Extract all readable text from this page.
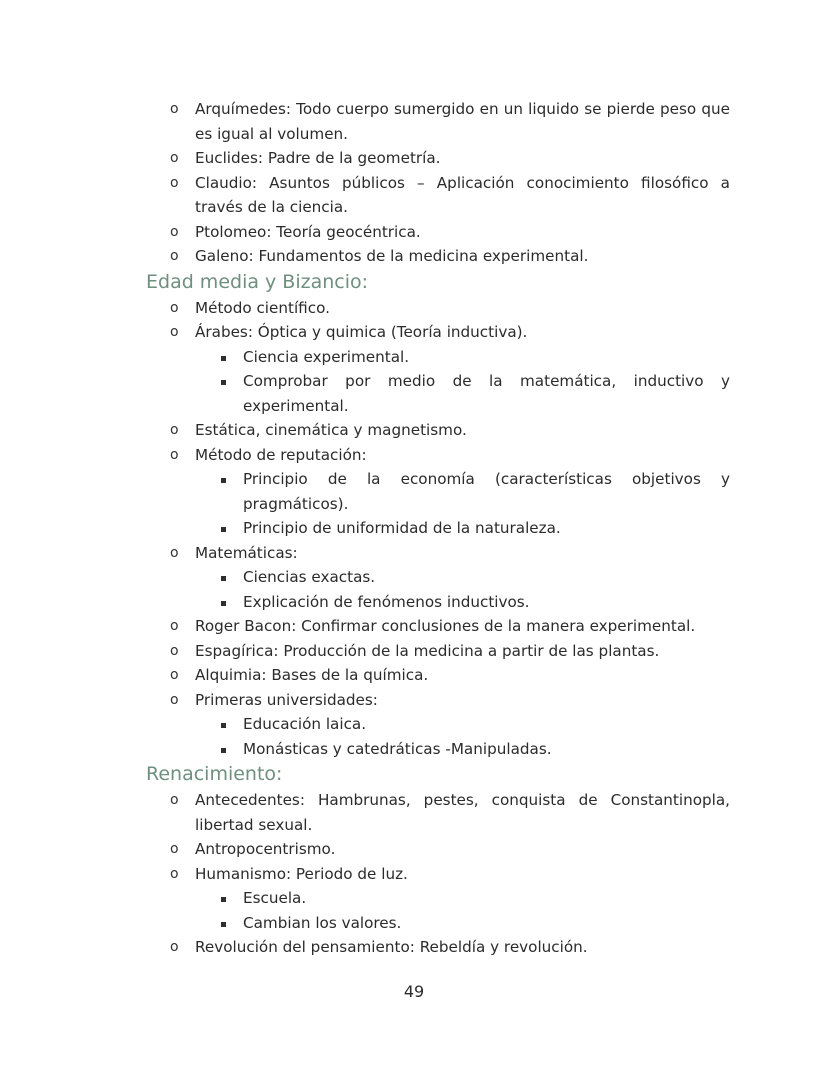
o Arquímedes: Todo cuerpo sumergido en un liquido se pierde peso que es igual al volumen.
o Euclides: Padre de la geometría.
o Claudio: Asuntos públicos – Aplicación conocimiento filosófico a través de la ciencia.
o Ptolomeo: Teoría geocéntrica.
o Galeno: Fundamentos de la medicina experimental.
Edad media y Bizancio:
o Método científico.
o Árabes: Óptica y quimica (Teoría inductiva).
Ciencia experimental.
Comprobar por medio de la matemática, inductivo y experimental.
o Estática, cinemática y magnetismo.
o Método de reputación:
Principio de la economía (características objetivos y pragmáticos).
Principio de uniformidad de la naturaleza.
o Matemáticas:
Ciencias exactas.
Explicación de fenómenos inductivos.
o Roger Bacon: Confirmar conclusiones de la manera experimental.
o Espagírica: Producción de la medicina a partir de las plantas.
o Alquimia: Bases de la química.
o Primeras universidades:
Educación laica.
Monásticas y catedráticas -Manipuladas.
Renacimiento:
o Antecedentes: Hambrunas, pestes, conquista de Constantinopla, libertad sexual.
o Antropocentrismo.
o Humanismo: Periodo de luz.
Escuela.
Cambian los valores.
o Revolución del pensamiento: Rebeldía y revolución.
49
